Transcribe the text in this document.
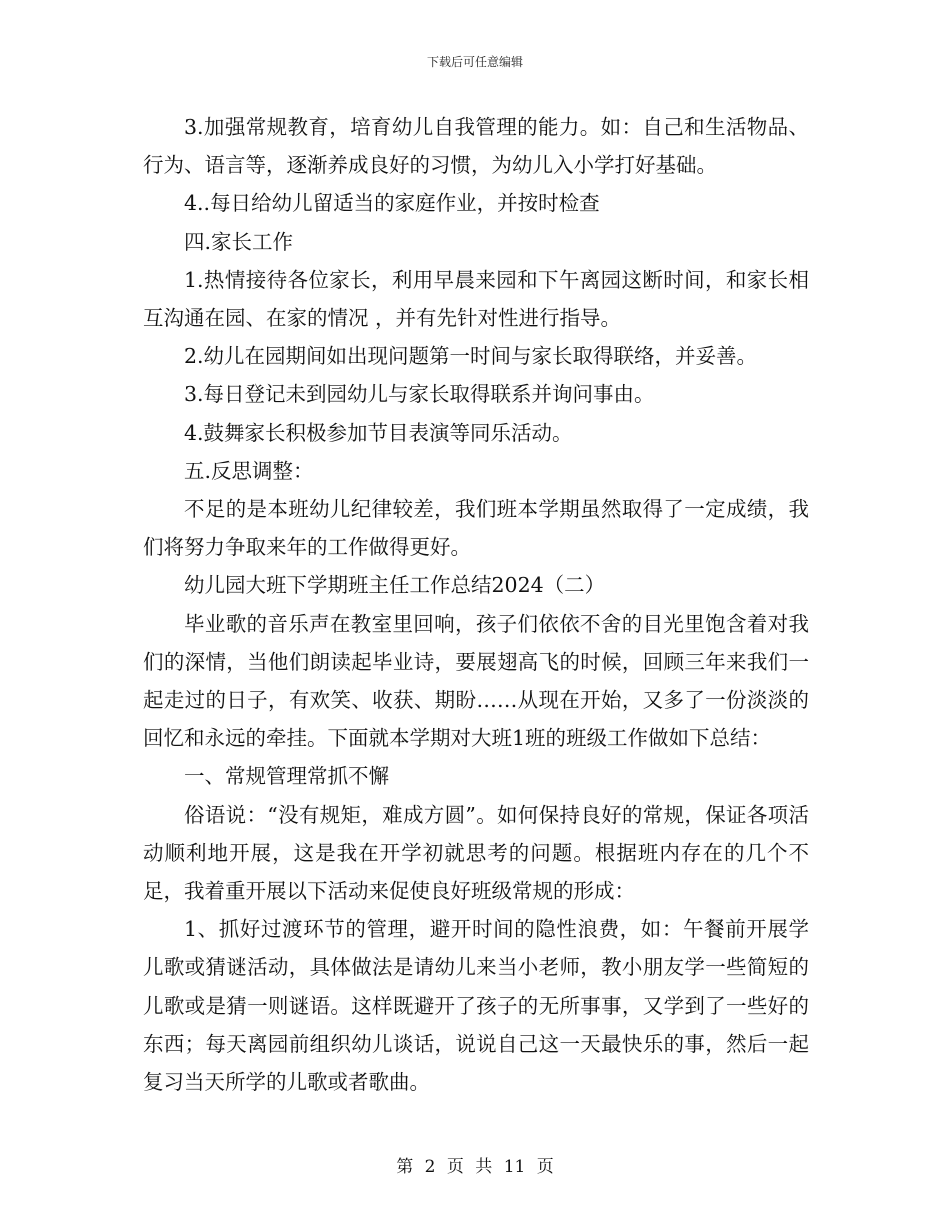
下载后可任意编辑

3.加强常规教育，培育幼儿自我管理的能力。如：自己和生活物品、行为、语言等，逐渐养成良好的习惯，为幼儿入小学打好基础。

4..每日给幼儿留适当的家庭作业，并按时检查

四.家长工作

1.热情接待各位家长，利用早晨来园和下午离园这断时间，和家长相互沟通在园、在家的情况 ，并有先针对性进行指导。

2.幼儿在园期间如出现问题第一时间与家长取得联络，并妥善。

3.每日登记未到园幼儿与家长取得联系并询问事由。

4.鼓舞家长积极参加节目表演等同乐活动。

五.反思调整：

不足的是本班幼儿纪律较差，我们班本学期虽然取得了一定成绩，我们将努力争取来年的工作做得更好。

幼儿园大班下学期班主任工作总结2024（二）

毕业歌的音乐声在教室里回响，孩子们依依不舍的目光里饱含着对我们的深情，当他们朗读起毕业诗，要展翅高飞的时候，回顾三年来我们一起走过的日子，有欢笑、收获、期盼……从现在开始，又多了一份淡淡的回忆和永远的牵挂。下面就本学期对大班1班的班级工作做如下总结：

一、常规管理常抓不懈

俗语说：“没有规矩，难成方圆”。如何保持良好的常规，保证各项活动顺利地开展，这是我在开学初就思考的问题。根据班内存在的几个不足，我着重开展以下活动来促使良好班级常规的形成：

1、抓好过渡环节的管理，避开时间的隐性浪费，如：午餐前开展学儿歌或猜谜活动，具体做法是请幼儿来当小老师，教小朋友学一些简短的儿歌或是猜一则谜语。这样既避开了孩子的无所事事，又学到了一些好的东西；每天离园前组织幼儿谈话，说说自己这一天最快乐的事，然后一起复习当天所学的儿歌或者歌曲。

第 2 页 共 11 页
